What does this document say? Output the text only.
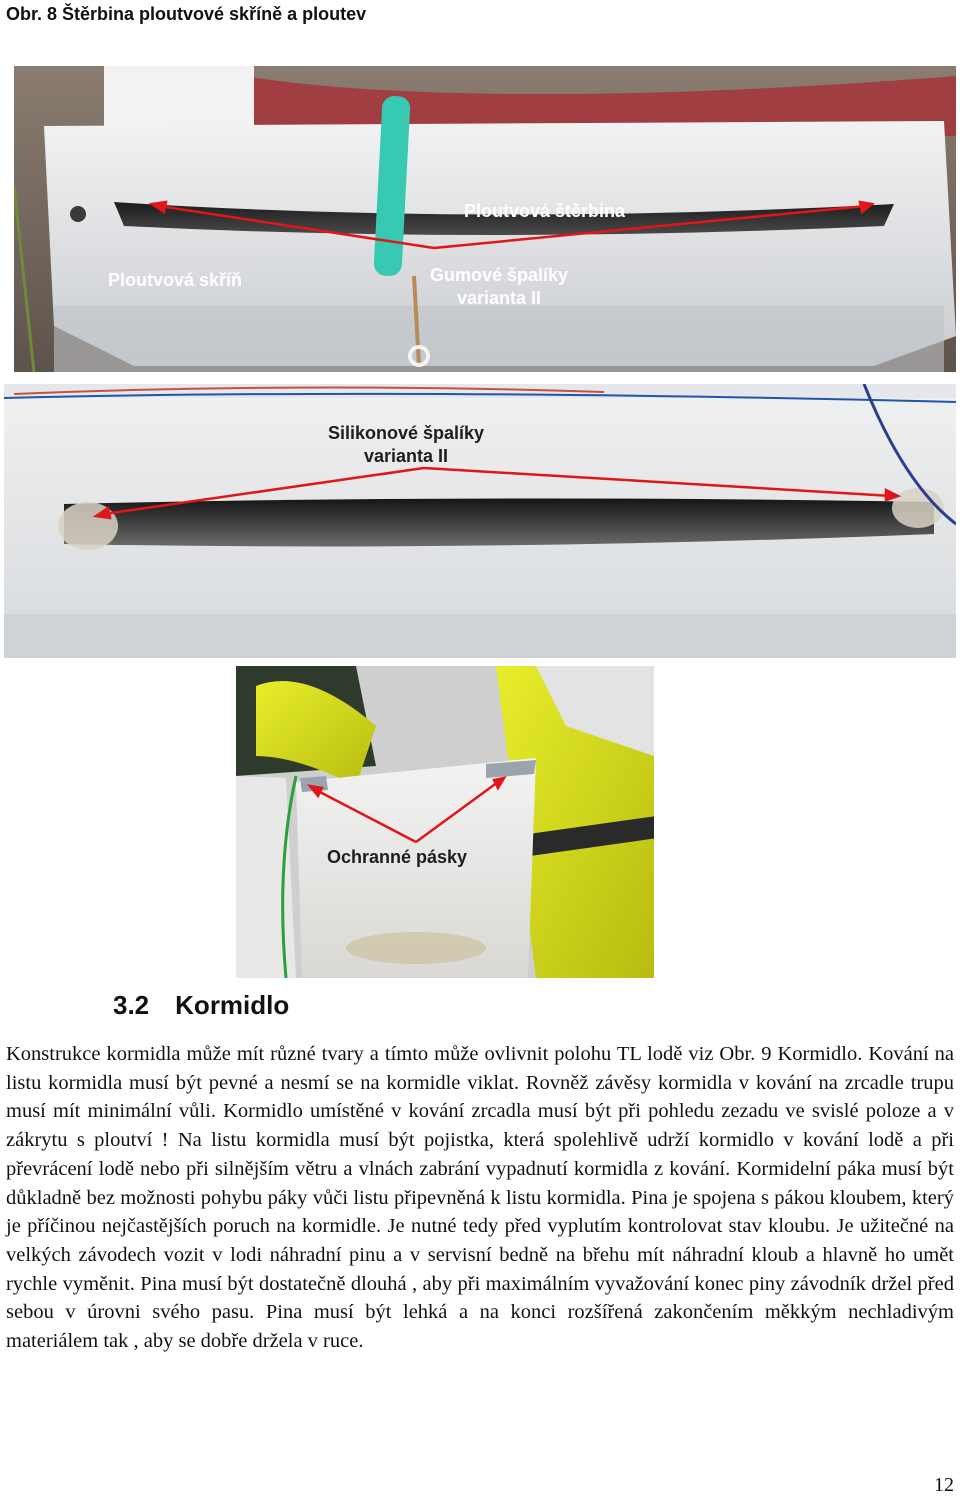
Obr. 8 Štěrbina ploutvové skříně a ploutev
Ploutvová štěrbina
Ploutvová skříň	Gumové špalíky
varianta II
Silikonové špalíky
varianta II
Ochranné pásky
3.2 Kormidlo

Konstrukce kormidla může mít různé tvary a tímto může ovlivnit polohu TL lodě viz Obr. 9 Kormidlo. Kování na listu kormidla musí být pevné a nesmí se na kormidle viklat. Rovněž závěsy kormidla v kování na zrcadle trupu musí mít minimální vůli. Kormidlo umístěné v kování zrcadla musí být při pohledu zezadu ve svislé poloze a v zákrytu s ploutví ! Na listu kormidla musí být pojistka, která spolehlivě udrží kormidlo v kování lodě a při převrácení lodě nebo při silnějším větru a vlnách zabrání vypadnutí kormidla z kování. Kormidelní páka musí být důkladně bez možnosti pohybu páky vůči listu připevněná k listu kormidla. Pina je spojena s pákou kloubem, který je příčinou nejčastějších poruch na kormidle. Je nutné tedy před vyplutím kontrolovat stav kloubu. Je užitečné na velkých závodech vozit v lodi náhradní pinu a v servisní bedně na břehu mít náhradní kloub a hlavně ho umět rychle vyměnit. Pina musí být dostatečně dlouhá , aby při maximálním vyvažování konec piny závodník držel před sebou v úrovni svého pasu. Pina musí být lehká a na konci rozšířená zakončením měkkým nechladivým materiálem tak , aby se dobře držela v ruce.

12
